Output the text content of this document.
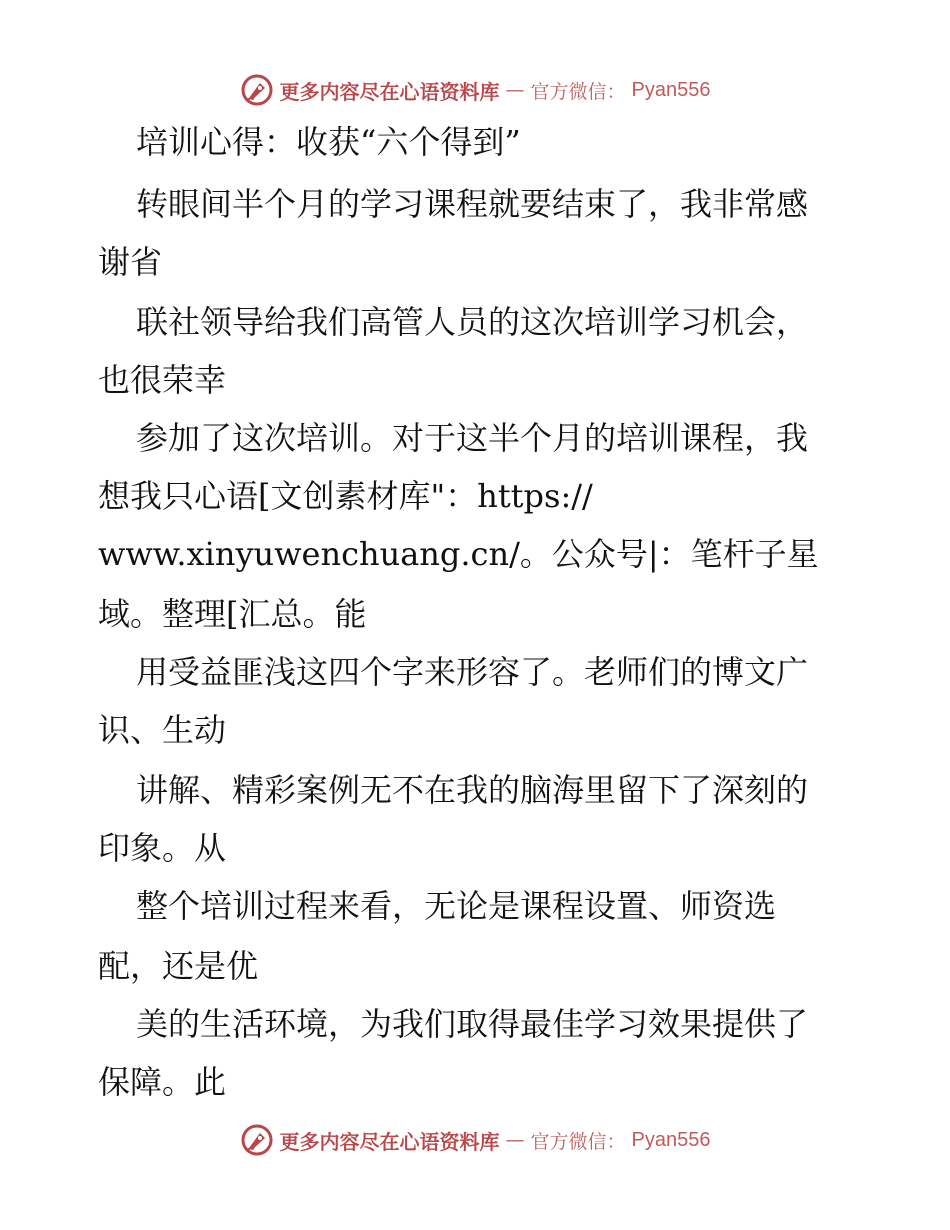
更多内容尽在心语资料库 — 官方微信： Pyan556
培训心得：收获“六个得到”
转眼间半个月的学习课程就要结束了，我非常感
谢省
联社领导给我们高管人员的这次培训学习机会，
也很荣幸
参加了这次培训。对于这半个月的培训课程，我
想我只心语[文创素材库"：https://
www.xinyuwenchuang.cn/。公众号|：笔杆子星
域。整理[汇总。能
用受益匪浅这四个字来形容了。老师们的博文广
识、生动
讲解、精彩案例无不在我的脑海里留下了深刻的
印象。从
整个培训过程来看，无论是课程设置、师资选
配，还是优
美的生活环境，为我们取得最佳学习效果提供了
保障。此
更多内容尽在心语资料库 — 官方微信： Pyan556
